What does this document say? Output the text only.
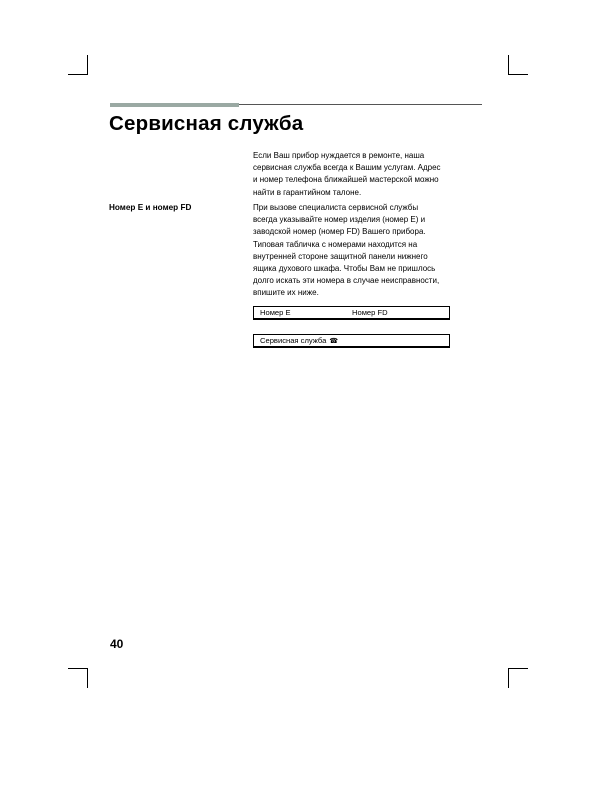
Сервисная служба

Если Ваш прибор нуждается в ремонте, наша

сервисная служба всегда к Вашим услугам. Адрес

и номер телефона ближайшей мастерской можно

найти в гарантийном талоне.

Номер E и номер FD	При вызове специалиста сервисной службы

всегда указывайте номер изделия (номер E) и

заводской номер (номер FD) Вашего прибора.

Типовая табличка с номерами находится на

внутренней стороне защитной панели нижнего

ящика духового шкафа. Чтобы Вам не пришлось

долго искать эти номера в случае неисправности,

впишите их ниже.

Номер E	Номер FD
Сервисная служба ☎
40
